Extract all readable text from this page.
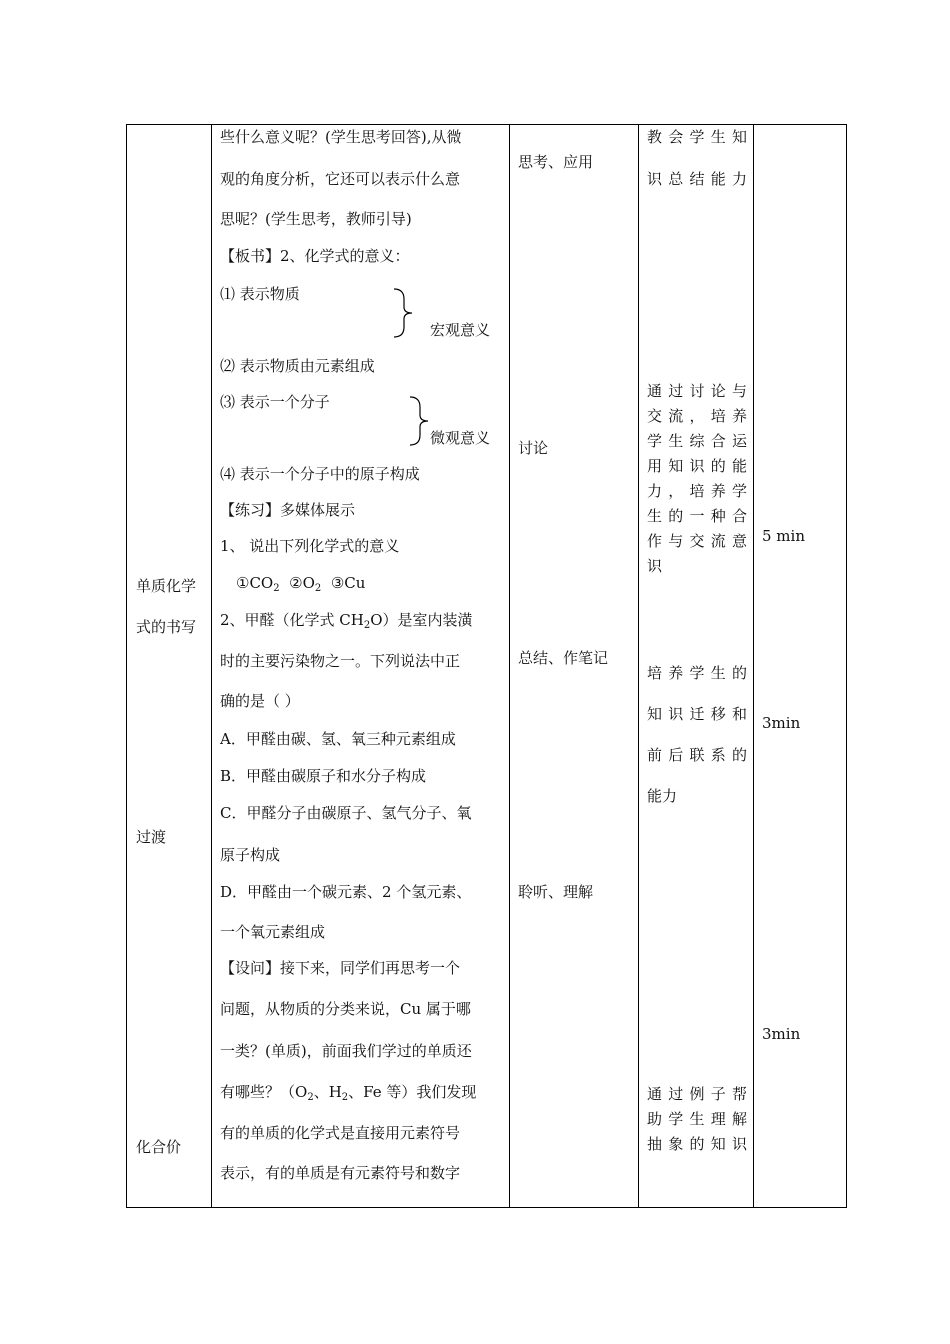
单质化学
式的书写
过渡
化合价
些什么意义呢？(学生思考回答),从微
观的角度分析，它还可以表示什么意
思呢？(学生思考，教师引导)
【板书】2、化学式的意义：
⑴ 表示物质
宏观意义
⑵ 表示物质由元素组成
⑶ 表示一个分子
微观意义
⑷ 表示一个分子中的原子构成
【练习】多媒体展示
1、 说出下列化学式的意义
$①CO_2$ $②O_2$ ③Cu
2、甲醛（化学式 $CH_2O$）是室内装潢
时的主要污染物之一。下列说法中正
确的是（ ）
A．甲醛由碳、氢、氧三种元素组成
B．甲醛由碳原子和水分子构成
C．甲醛分子由碳原子、氢气分子、氧
原子构成
D．甲醛由一个碳元素、2 个氢元素、
一个氧元素组成
【设问】接下来，同学们再思考一个
问题，从物质的分类来说，Cu 属于哪
一类？(单质)，前面我们学过的单质还
有哪些？（$O_2$、$H_2$、Fe 等）我们发现
有的单质的化学式是直接用元素符号
表示，有的单质是有元素符号和数字
思考、应用
讨论
总结、作笔记
聆听、理解
教会学生知
识总结能力
通过讨论与
交流，培养
学生综合运
用知识的能
力，培养学
生的一种合
作与交流意
识
培养学生的
知识迁移和
前后联系的
能力
通过例子帮
助学生理解
抽象的知识
5 min
3min
3min
